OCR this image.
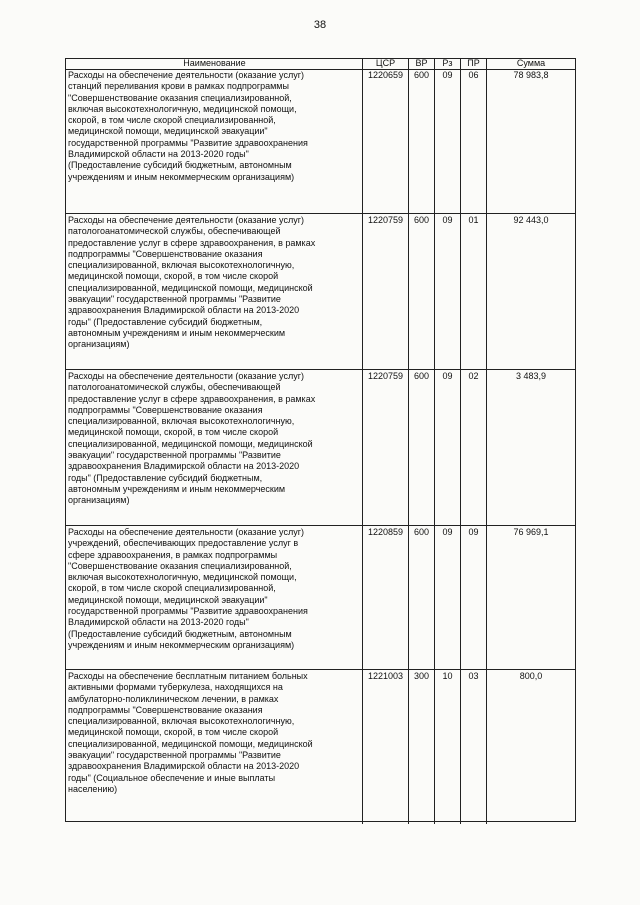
38
Наименование	ЦСР	ВР	Рз	ПР	Сумма
Расходы на обеспечение деятельности (оказание услуг)
станций переливания крови в рамках подпрограммы
"Совершенствование оказания специализированной,
включая высокотехнологичную, медицинской помощи,
скорой, в том числе скорой специализированной,
медицинской помощи, медицинской эвакуации"
государственной программы "Развитие здравоохранения
Владимирской области на 2013-2020 годы"
(Предоставление субсидий бюджетным, автономным
учреждениям и иным некоммерческим организациям)
1220659	600	09	06	78 983,8
Расходы на обеспечение деятельности (оказание услуг)
патологоанатомической службы, обеспечивающей
предоставление услуг в сфере здравоохранения, в рамках
подпрограммы "Совершенствование оказания
специализированной, включая высокотехнологичную,
медицинской помощи, скорой, в том числе скорой
специализированной, медицинской помощи, медицинской
эвакуации" государственной программы "Развитие
здравоохранения Владимирской области на 2013-2020
годы" (Предоставление субсидий бюджетным,
автономным учреждениям и иным некоммерческим
организациям)
1220759	600	09	01	92 443,0
Расходы на обеспечение деятельности (оказание услуг)
патологоанатомической службы, обеспечивающей
предоставление услуг в сфере здравоохранения, в рамках
подпрограммы "Совершенствование оказания
специализированной, включая высокотехнологичную,
медицинской помощи, скорой, в том числе скорой
специализированной, медицинской помощи, медицинской
эвакуации" государственной программы "Развитие
здравоохранения Владимирской области на 2013-2020
годы" (Предоставление субсидий бюджетным,
автономным учреждениям и иным некоммерческим
организациям)
1220759	600	09	02	3 483,9
Расходы на обеспечение деятельности (оказание услуг)
учреждений, обеспечивающих предоставление услуг в
сфере здравоохранения, в рамках подпрограммы
"Совершенствование оказания специализированной,
включая высокотехнологичную, медицинской помощи,
скорой, в том числе скорой специализированной,
медицинской помощи, медицинской эвакуации"
государственной программы "Развитие здравоохранения
Владимирской области на 2013-2020 годы"
(Предоставление субсидий бюджетным, автономным
учреждениям и иным некоммерческим организациям)
1220859	600	09	09	76 969,1
Расходы на обеспечение бесплатным питанием больных
активными формами туберкулеза, находящихся на
амбулаторно-поликлиническом лечении, в рамках
подпрограммы "Совершенствование оказания
специализированной, включая высокотехнологичную,
медицинской помощи, скорой, в том числе скорой
специализированной, медицинской помощи, медицинской
эвакуации" государственной программы "Развитие
здравоохранения Владимирской области на 2013-2020
годы" (Социальное обеспечение и иные выплаты
населению)
1221003	300	10	03	800,0
